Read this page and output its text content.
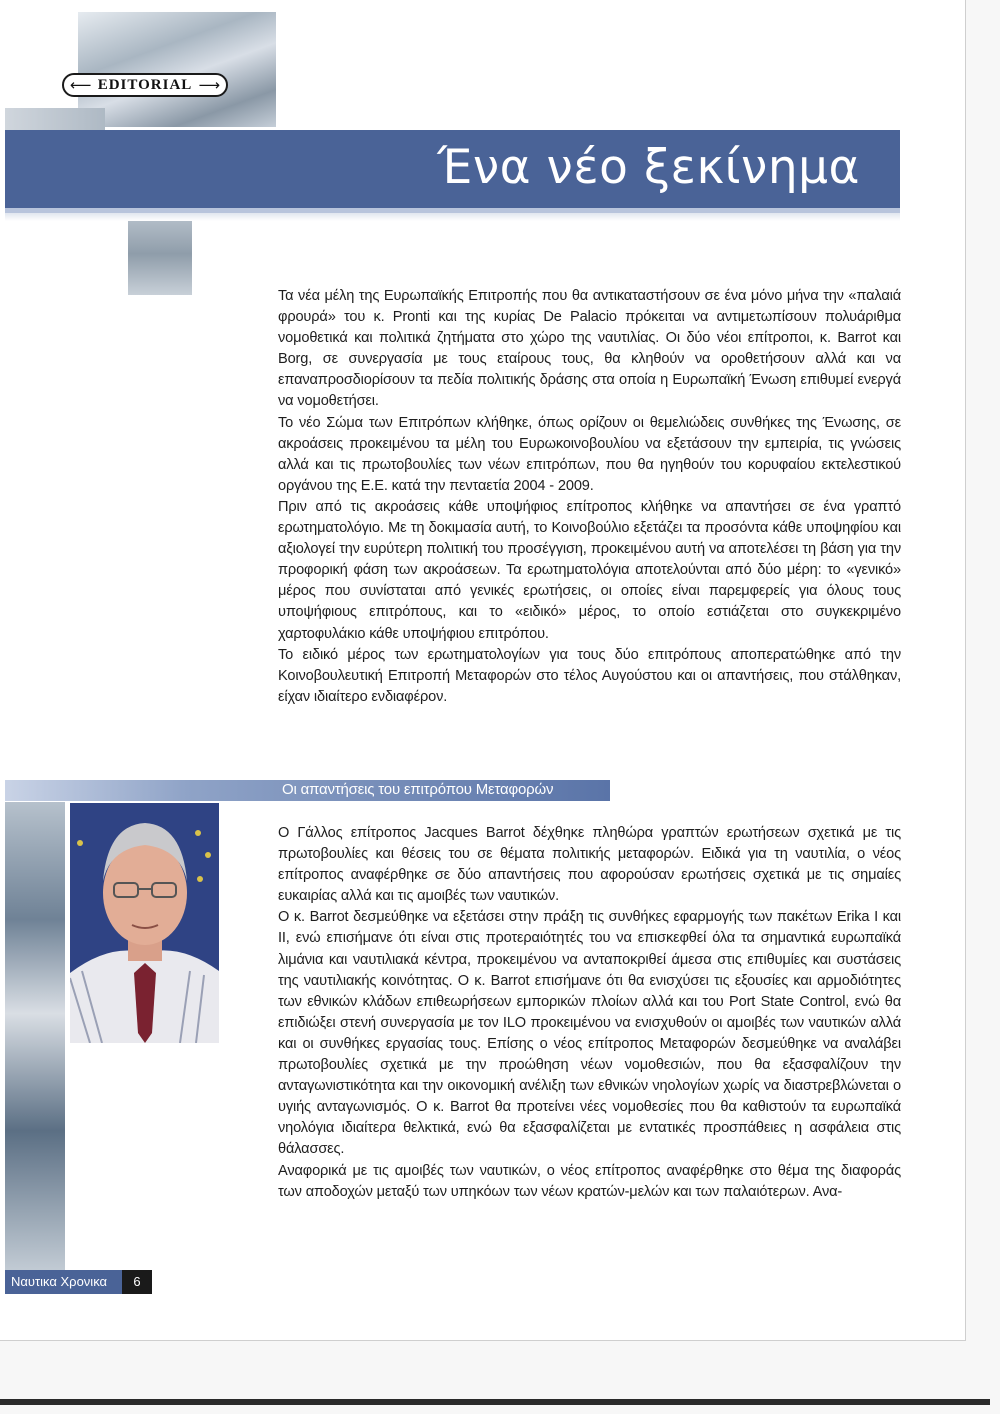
⟵ EDITORIAL ⟶
Ένα νέο ξεκίνημα

Τα νέα μέλη της Ευρωπαϊκής Επιτροπής που θα αντικαταστήσουν σε ένα μόνο μήνα την «παλαιά φρουρά» του κ. Pronti και της κυρίας De Palacio πρόκειται να αντιμετωπίσουν πολυάριθμα νομοθετικά και πολιτικά ζητήματα στο χώρο της ναυτιλίας. Οι δύο νέοι επίτροποι, κ. Barrot και Borg, σε συνεργασία με τους εταίρους τους, θα κληθούν να οροθετήσουν αλλά και να επαναπροσδιορίσουν τα πεδία πολιτικής δράσης στα οποία η Ευρωπαϊκή Ένωση επιθυμεί ενεργά να νομοθετήσει.

Το νέο Σώμα των Επιτρόπων κλήθηκε, όπως ορίζουν οι θεμελιώδεις συνθήκες της Ένωσης, σε ακροάσεις προκειμένου τα μέλη του Ευρωκοινοβουλίου να εξετάσουν την εμπειρία, τις γνώσεις αλλά και τις πρωτοβουλίες των νέων επιτρόπων, που θα ηγηθούν του κορυφαίου εκτελεστικού οργάνου της Ε.Ε. κατά την πενταετία 2004 - 2009.

Πριν από τις ακροάσεις κάθε υποψήφιος επίτροπος κλήθηκε να απαντήσει σε ένα γραπτό ερωτηματολόγιο. Με τη δοκιμασία αυτή, το Κοινοβούλιο εξετάζει τα προσόντα κάθε υποψηφίου και αξιολογεί την ευρύτερη πολιτική του προσέγγιση, προκειμένου αυτή να αποτελέσει τη βάση για την προφορική φάση των ακροάσεων. Τα ερωτηματολόγια αποτελούνται από δύο μέρη: το «γενικό» μέρος που συνίσταται από γενικές ερωτήσεις, οι οποίες είναι παρεμφερείς για όλους τους υποψήφιους επιτρόπους, και το «ειδικό» μέρος, το οποίο εστιάζεται στο συγκεκριμένο χαρτοφυλάκιο κάθε υποψήφιου επιτρόπου.

Το ειδικό μέρος των ερωτηματολογίων για τους δύο επιτρόπους αποπερατώθηκε από την Κοινοβουλευτική Επιτροπή Μεταφορών στο τέλος Αυγούστου και οι απαντήσεις, που στάλθηκαν, είχαν ιδιαίτερο ενδιαφέρον.

Οι απαντήσεις του επιτρόπου Μεταφορών

Ο Γάλλος επίτροπος Jacques Barrot δέχθηκε πληθώρα γραπτών ερωτήσεων σχετικά με τις πρωτοβουλίες και θέσεις του σε θέματα πολιτικής μεταφορών. Ειδικά για τη ναυτιλία, ο νέος επίτροπος αναφέρθηκε σε δύο απαντήσεις που αφορούσαν ερωτήσεις σχετικά με τις σημαίες ευκαιρίας αλλά και τις αμοιβές των ναυτικών.

Ο κ. Barrot δεσμεύθηκε να εξετάσει στην πράξη τις συνθήκες εφαρμογής των πακέτων Erika I και II, ενώ επισήμανε ότι είναι στις προτεραιότητές του να επισκεφθεί όλα τα σημαντικά ευρωπαϊκά λιμάνια και ναυτιλιακά κέντρα, προκειμένου να ανταποκριθεί άμεσα στις επιθυμίες και συστάσεις της ναυτιλιακής κοινότητας. Ο κ. Barrot επισήμανε ότι θα ενισχύσει τις εξουσίες και αρμοδιότητες των εθνικών κλάδων επιθεωρήσεων εμπορικών πλοίων αλλά και του Port State Control, ενώ θα επιδιώξει στενή συνεργασία με τον ILO προκειμένου να ενισχυθούν οι αμοιβές των ναυτικών αλλά και οι συνθήκες εργασίας τους. Επίσης ο νέος επίτροπος Μεταφορών δεσμεύθηκε να αναλάβει πρωτοβουλίες σχετικά με την προώθηση νέων νομοθεσιών, που θα εξασφαλίζουν την ανταγωνιστικότητα και την οικονομική ανέλιξη των εθνικών νηολογίων χωρίς να διαστρεβλώνεται ο υγιής ανταγωνισμός. Ο κ. Barrot θα προτείνει νέες νομοθεσίες που θα καθιστούν τα ευρωπαϊκά νηολόγια ιδιαίτερα θελκτικά, ενώ θα εξασφαλίζεται με εντατικές προσπάθειες η ασφάλεια στις θάλασσες.

Αναφορικά με τις αμοιβές των ναυτικών, ο νέος επίτροπος αναφέρθηκε στο θέμα της διαφοράς των αποδοχών μεταξύ των υπηκόων των νέων κρατών-μελών και των παλαιότερων. Ανα-

Ναυτικα Χρονικα	6
